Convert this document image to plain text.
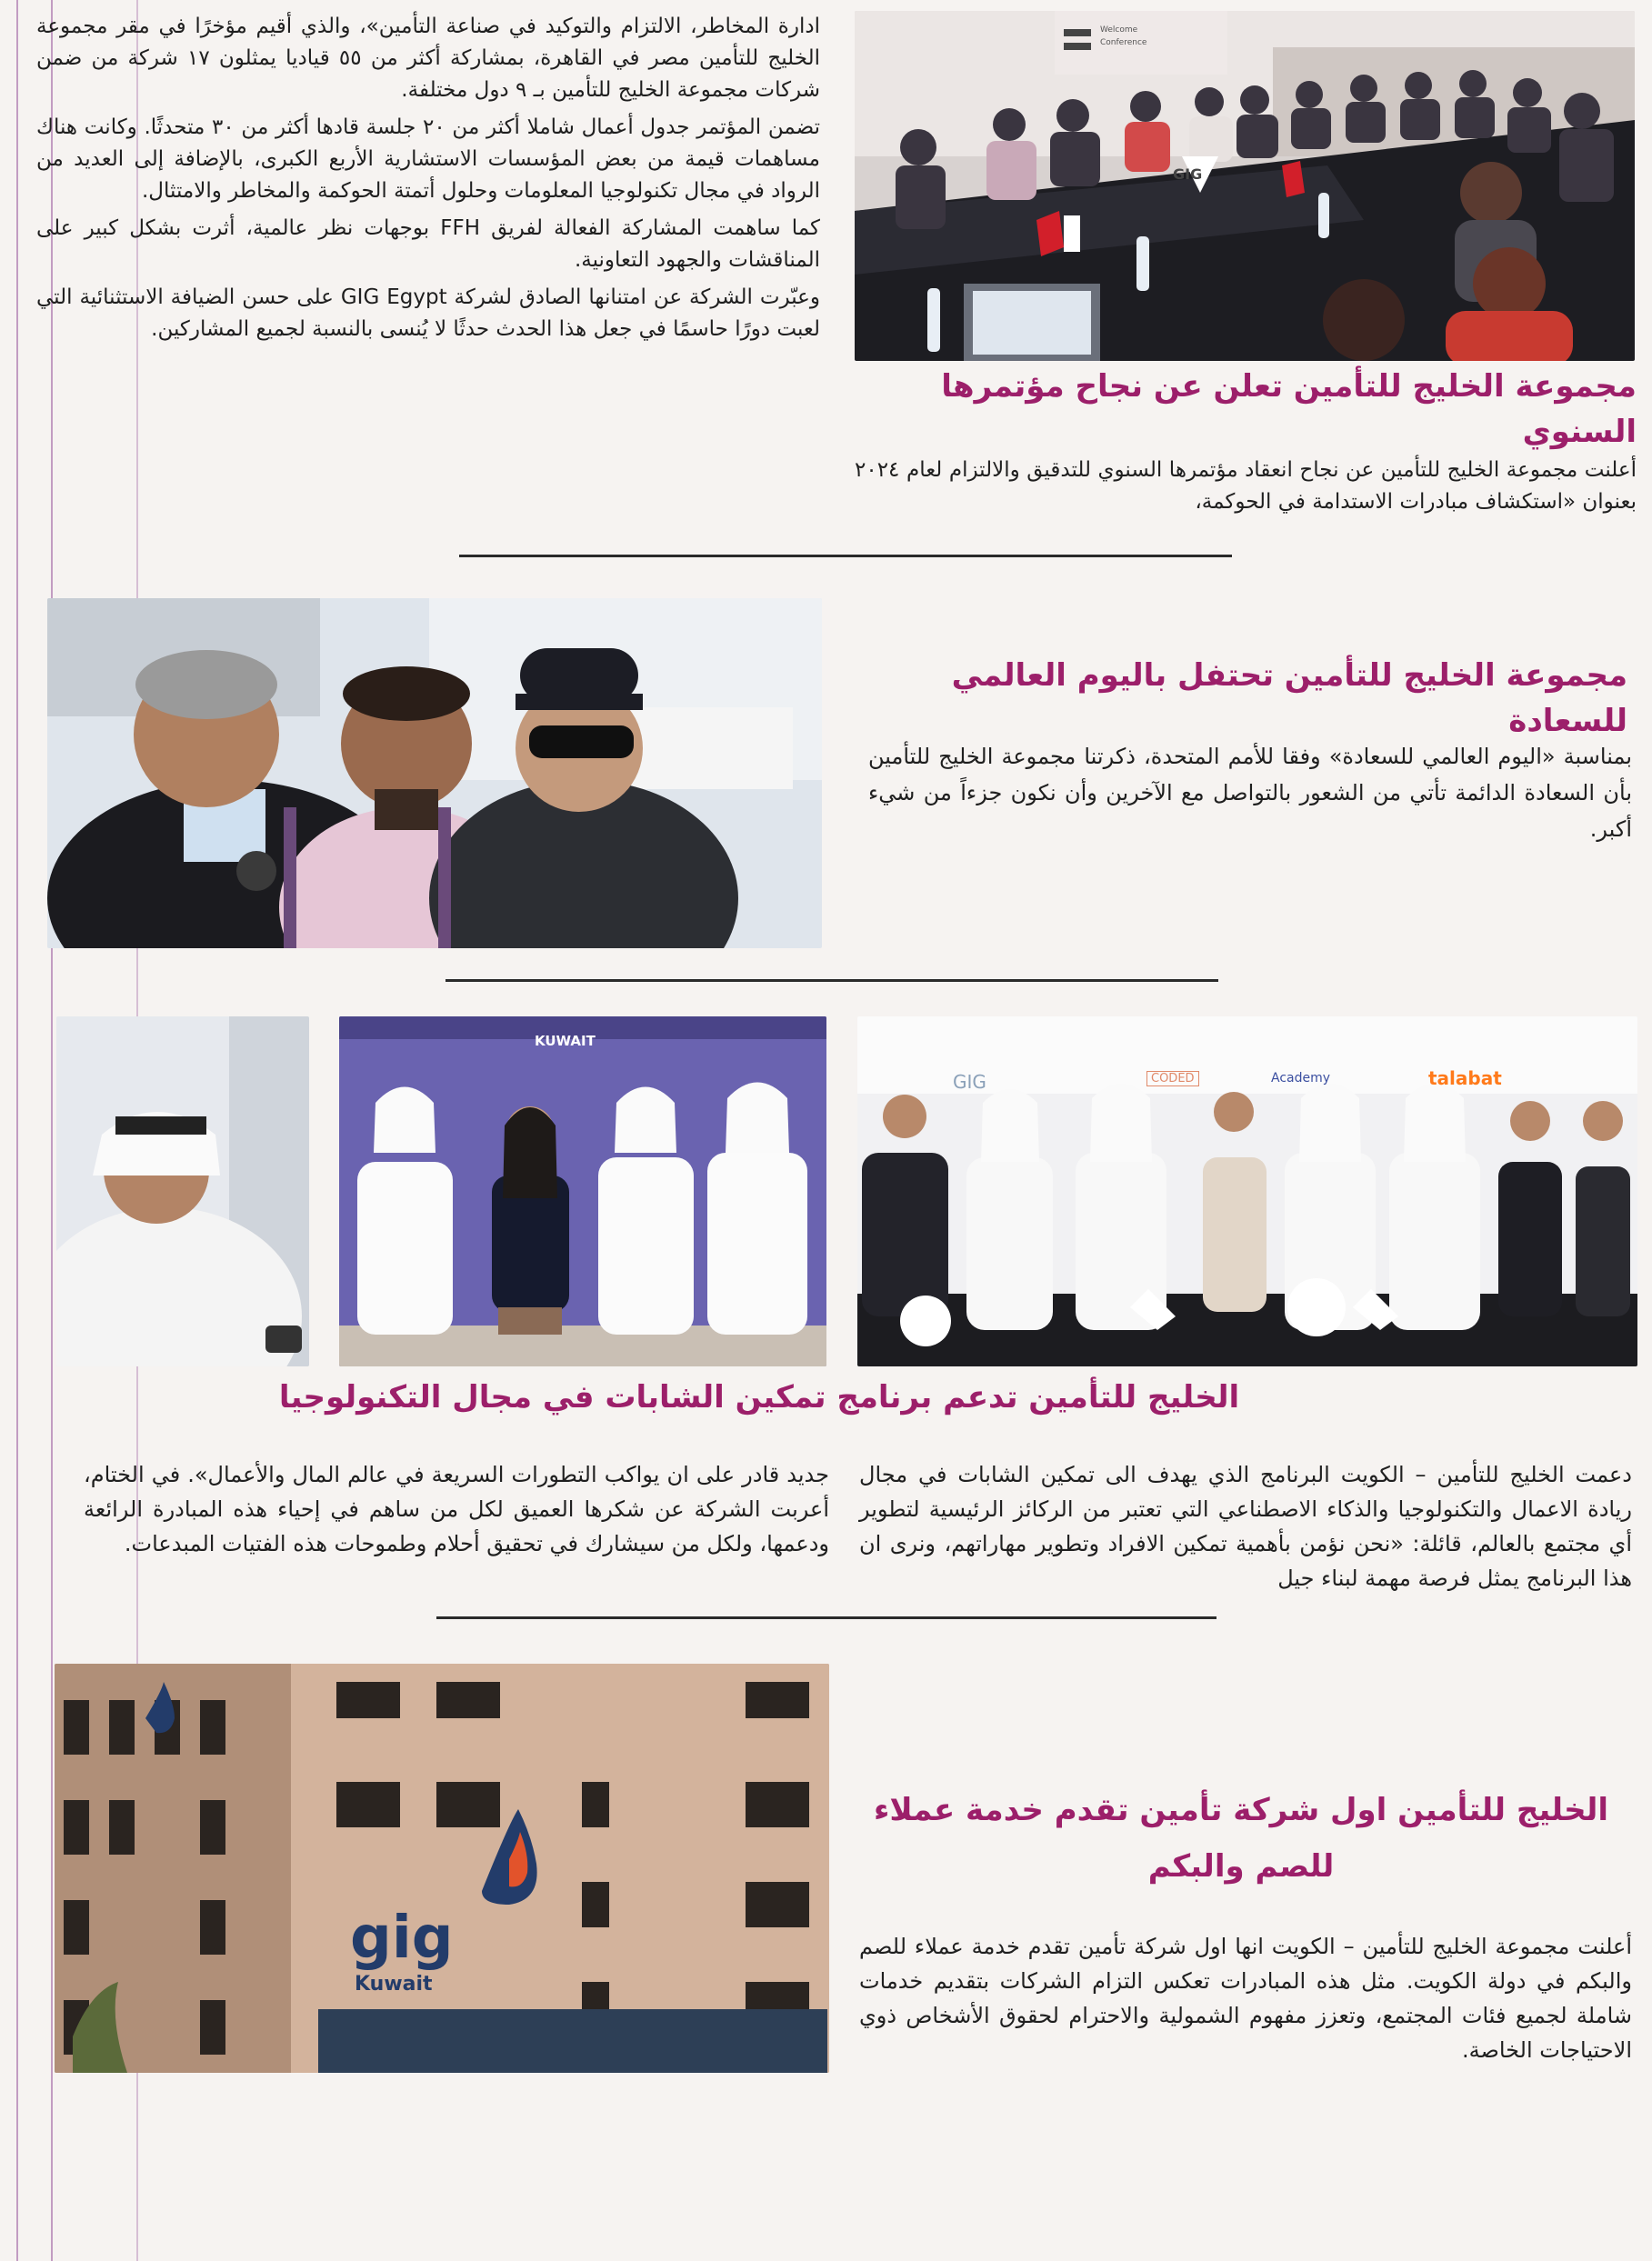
GIG
Welcome
Conference
مجموعة الخليج للتأمين تعلن عن نجاح مؤتمرها السنوي
أعلنت مجموعة الخليج للتأمين عن نجاح انعقاد مؤتمرها السنوي للتدقيق والالتزام لعام ٢٠٢٤ بعنوان «استكشاف مبادرات الاستدامة في الحوكمة،

ادارة المخاطر، الالتزام والتوكيد في صناعة التأمين»، والذي أقيم مؤخرًا في مقر مجموعة الخليج للتأمين مصر في القاهرة، بمشاركة أكثر من ٥٥ قياديا يمثلون ١٧ شركة من ضمن شركات مجموعة الخليج للتأمين بـ ٩ دول مختلفة.

تضمن المؤتمر جدول أعمال شاملا أكثر من ٢٠ جلسة قادها أكثر من ٣٠ متحدثًا. وكانت هناك مساهمات قيمة من بعض المؤسسات الاستشارية الأربع الكبرى، بالإضافة إلى العديد من الرواد في مجال تكنولوجيا المعلومات وحلول أتمتة الحوكمة والمخاطر والامتثال.

كما ساهمت المشاركة الفعالة لفريق FFH بوجهات نظر عالمية، أثرت بشكل كبير على المناقشات والجهود التعاونية.

وعبّرت الشركة عن امتنانها الصادق لشركة GIG Egypt على حسن الضيافة الاستثنائية التي لعبت دورًا حاسمًا في جعل هذا الحدث حدثًا لا يُنسى بالنسبة لجميع المشاركين.

مجموعة الخليج للتأمين تحتفل باليوم العالمي للسعادة
بمناسبة «اليوم العالمي للسعادة» وفقا للأمم المتحدة، ذكرتنا مجموعة الخليج للتأمين بأن السعادة الدائمة تأتي من الشعور بالتواصل مع الآخرين وأن نكون جزءاً من شيء أكبر.
KUWAIT
GIG	CODED	Academy	talabat
الخليج للتأمين تدعم برنامج تمكين الشابات في مجال التكنولوجيا
دعمت الخليج للتأمين – الكويت البرنامج الذي يهدف الى تمكين الشابات في مجال ريادة الاعمال والتكنولوجيا والذكاء الاصطناعي التي تعتبر من الركائز الرئيسية لتطوير أي مجتمع بالعالم، قائلة: «نحن نؤمن بأهمية تمكين الافراد وتطوير مهاراتهم، ونرى ان هذا البرنامج يمثل فرصة مهمة لبناء جيل
جديد قادر على ان يواكب التطورات السريعة في عالم المال والأعمال». في الختام، أعربت الشركة عن شكرها العميق لكل من ساهم في إحياء هذه المبادرة الرائعة ودعمها، ولكل من سيشارك في تحقيق أحلام وطموحات هذه الفتيات المبدعات.
gig
Kuwait
الخليج للتأمين اول شركة تأمين تقدم خدمة عملاء للصم والبكم
أعلنت مجموعة الخليج للتأمين – الكويت انها اول شركة تأمين تقدم خدمة عملاء للصم والبكم في دولة الكويت. مثل هذه المبادرات تعكس التزام الشركات بتقديم خدمات شاملة لجميع فئات المجتمع، وتعزز مفهوم الشمولية والاحترام لحقوق الأشخاص ذوي الاحتياجات الخاصة.
